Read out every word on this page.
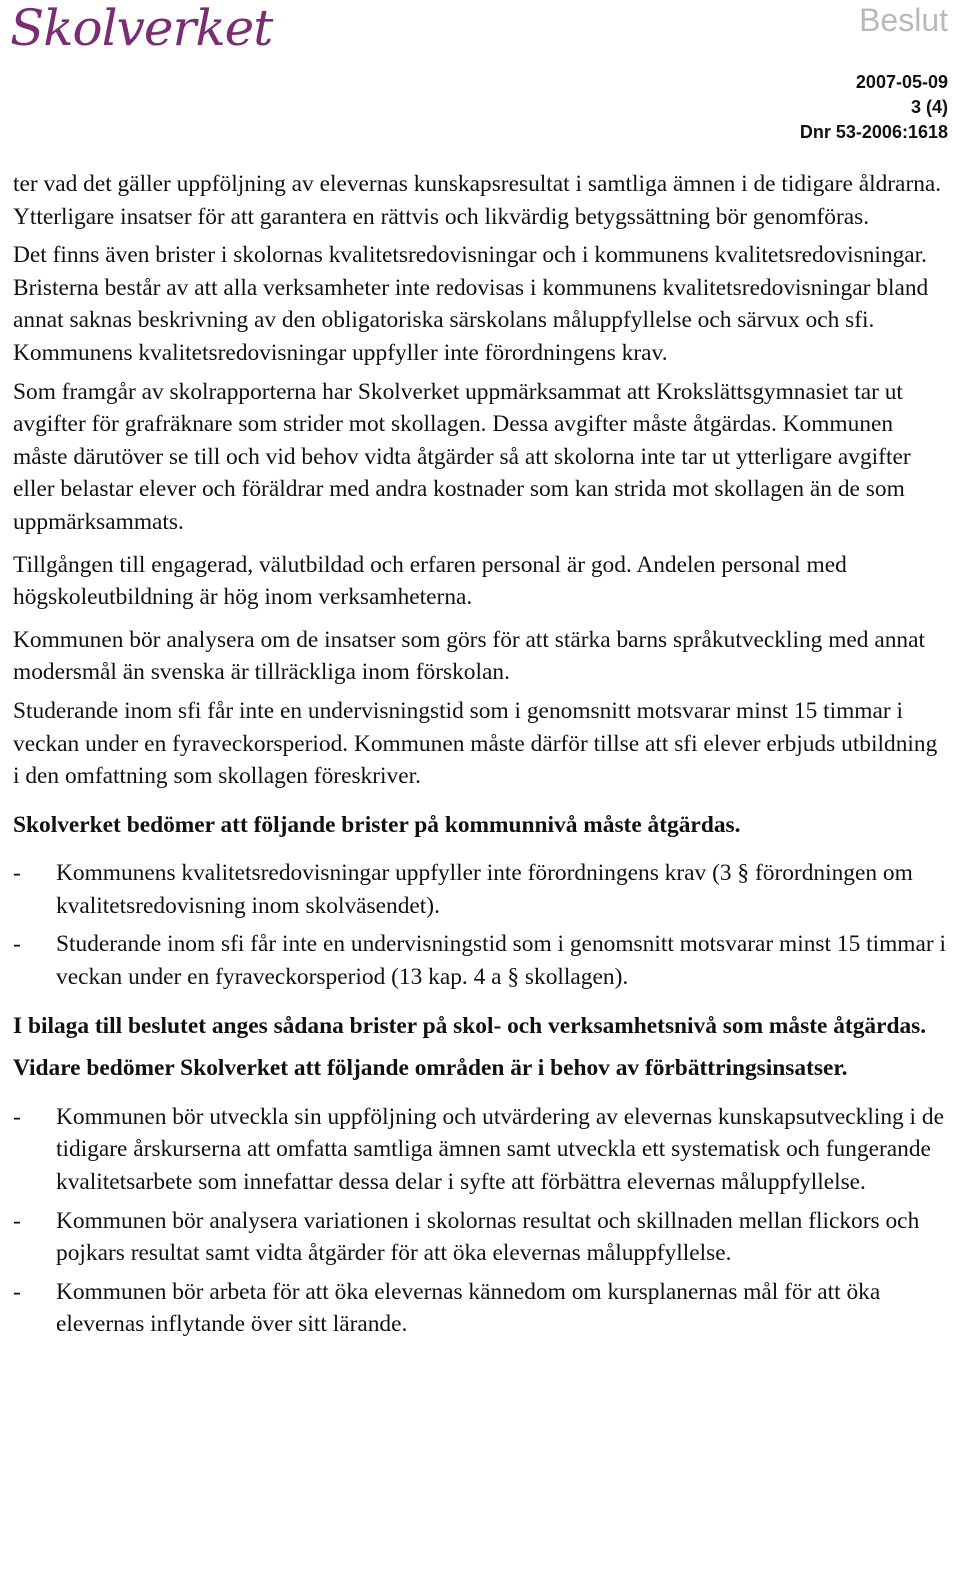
Skolverket	Beslut
2007-05-09
3 (4)
Dnr 53-2006:1618

ter vad det gäller uppföljning av elevernas kunskapsresultat i samtliga ämnen i de tidigare åldrarna. Ytterligare insatser för att garantera en rättvis och likvärdig betygssättning bör genomföras.

Det finns även brister i skolornas kvalitetsredovisningar och i kommunens kvalitetsredovisningar. Bristerna består av att alla verksamheter inte redovisas i kommunens kvalitetsredovisningar bland annat saknas beskrivning av den obligatoriska särskolans måluppfyllelse och särvux och sfi. Kommunens kvalitetsredovisningar uppfyller inte förordningens krav.

Som framgår av skolrapporterna har Skolverket uppmärksammat att Krokslättsgymnasiet tar ut avgifter för grafräknare som strider mot skollagen. Dessa avgifter måste åtgärdas. Kommunen måste därutöver se till och vid behov vidta åtgärder så att skolorna inte tar ut ytterligare avgifter eller belastar elever och föräldrar med andra kostnader som kan strida mot skollagen än de som uppmärksammats.

Tillgången till engagerad, välutbildad och erfaren personal är god. Andelen personal med högskoleutbildning är hög inom verksamheterna.

Kommunen bör analysera om de insatser som görs för att stärka barns språkutveckling med annat modersmål än svenska är tillräckliga inom förskolan.

Studerande inom sfi får inte en undervisningstid som i genomsnitt motsvarar minst 15 timmar i veckan under en fyraveckorsperiod. Kommunen måste därför tillse att sfi elever erbjuds utbildning i den omfattning som skollagen föreskriver.

Skolverket bedömer att följande brister på kommunnivå måste åtgärdas.

- Kommunens kvalitetsredovisningar uppfyller inte förordningens krav (3 § förordningen om kvalitetsredovisning inom skolväsendet).
- Studerande inom sfi får inte en undervisningstid som i genomsnitt motsvarar minst 15 timmar i veckan under en fyraveckorsperiod (13 kap. 4 a § skollagen).

I bilaga till beslutet anges sådana brister på skol- och verksamhetsnivå som måste åtgärdas.

Vidare bedömer Skolverket att följande områden är i behov av förbättringsinsatser.

- Kommunen bör utveckla sin uppföljning och utvärdering av elevernas kunskapsutveckling i de tidigare årskurserna att omfatta samtliga ämnen samt utveckla ett systematisk och fungerande kvalitetsarbete som innefattar dessa delar i syfte att förbättra elevernas måluppfyllelse.
- Kommunen bör analysera variationen i skolornas resultat och skillnaden mellan flickors och pojkars resultat samt vidta åtgärder för att öka elevernas måluppfyllelse.
- Kommunen bör arbeta för att öka elevernas kännedom om kursplanernas mål för att öka elevernas inflytande över sitt lärande.
